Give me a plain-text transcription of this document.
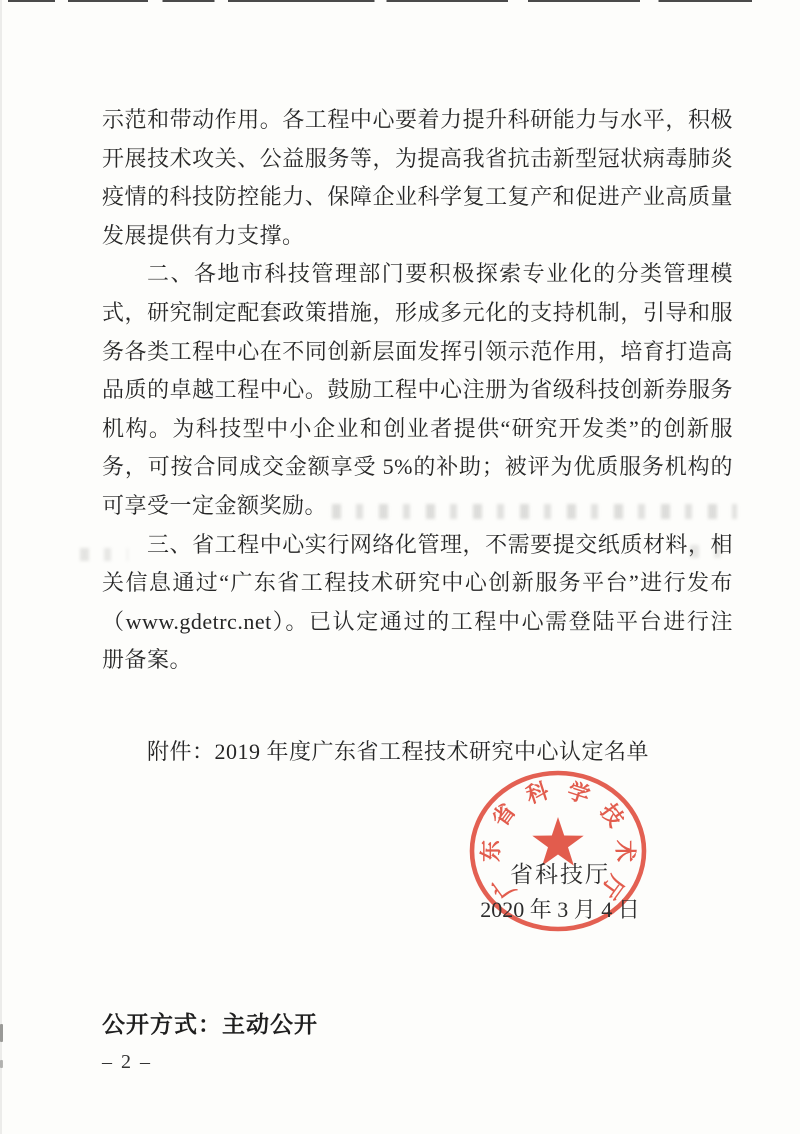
示范和带动作用。各工程中心要着力提升科研能力与水平，积极
开展技术攻关、公益服务等，为提高我省抗击新型冠状病毒肺炎
疫情的科技防控能力、保障企业科学复工复产和促进产业高质量
发展提供有力支撑。
二、各地市科技管理部门要积极探索专业化的分类管理模
式，研究制定配套政策措施，形成多元化的支持机制，引导和服
务各类工程中心在不同创新层面发挥引领示范作用，培育打造高
品质的卓越工程中心。鼓励工程中心注册为省级科技创新券服务
机构。为科技型中小企业和创业者提供“研究开发类”的创新服
务，可按合同成交金额享受 5%的补助；被评为优质服务机构的
可享受一定金额奖励。
三、省工程中心实行网络化管理，不需要提交纸质材料，相
关信息通过“广东省工程技术研究中心创新服务平台”进行发布
（www.gdetrc.net）。已认定通过的工程中心需登陆平台进行注
册备案。
附件：2019 年度广东省工程技术研究中心认定名单
广
东
省
科 学
技
术
厅
省科技厅
2020 年 3 月 4 日
公开方式：主动公开
– 2 –
